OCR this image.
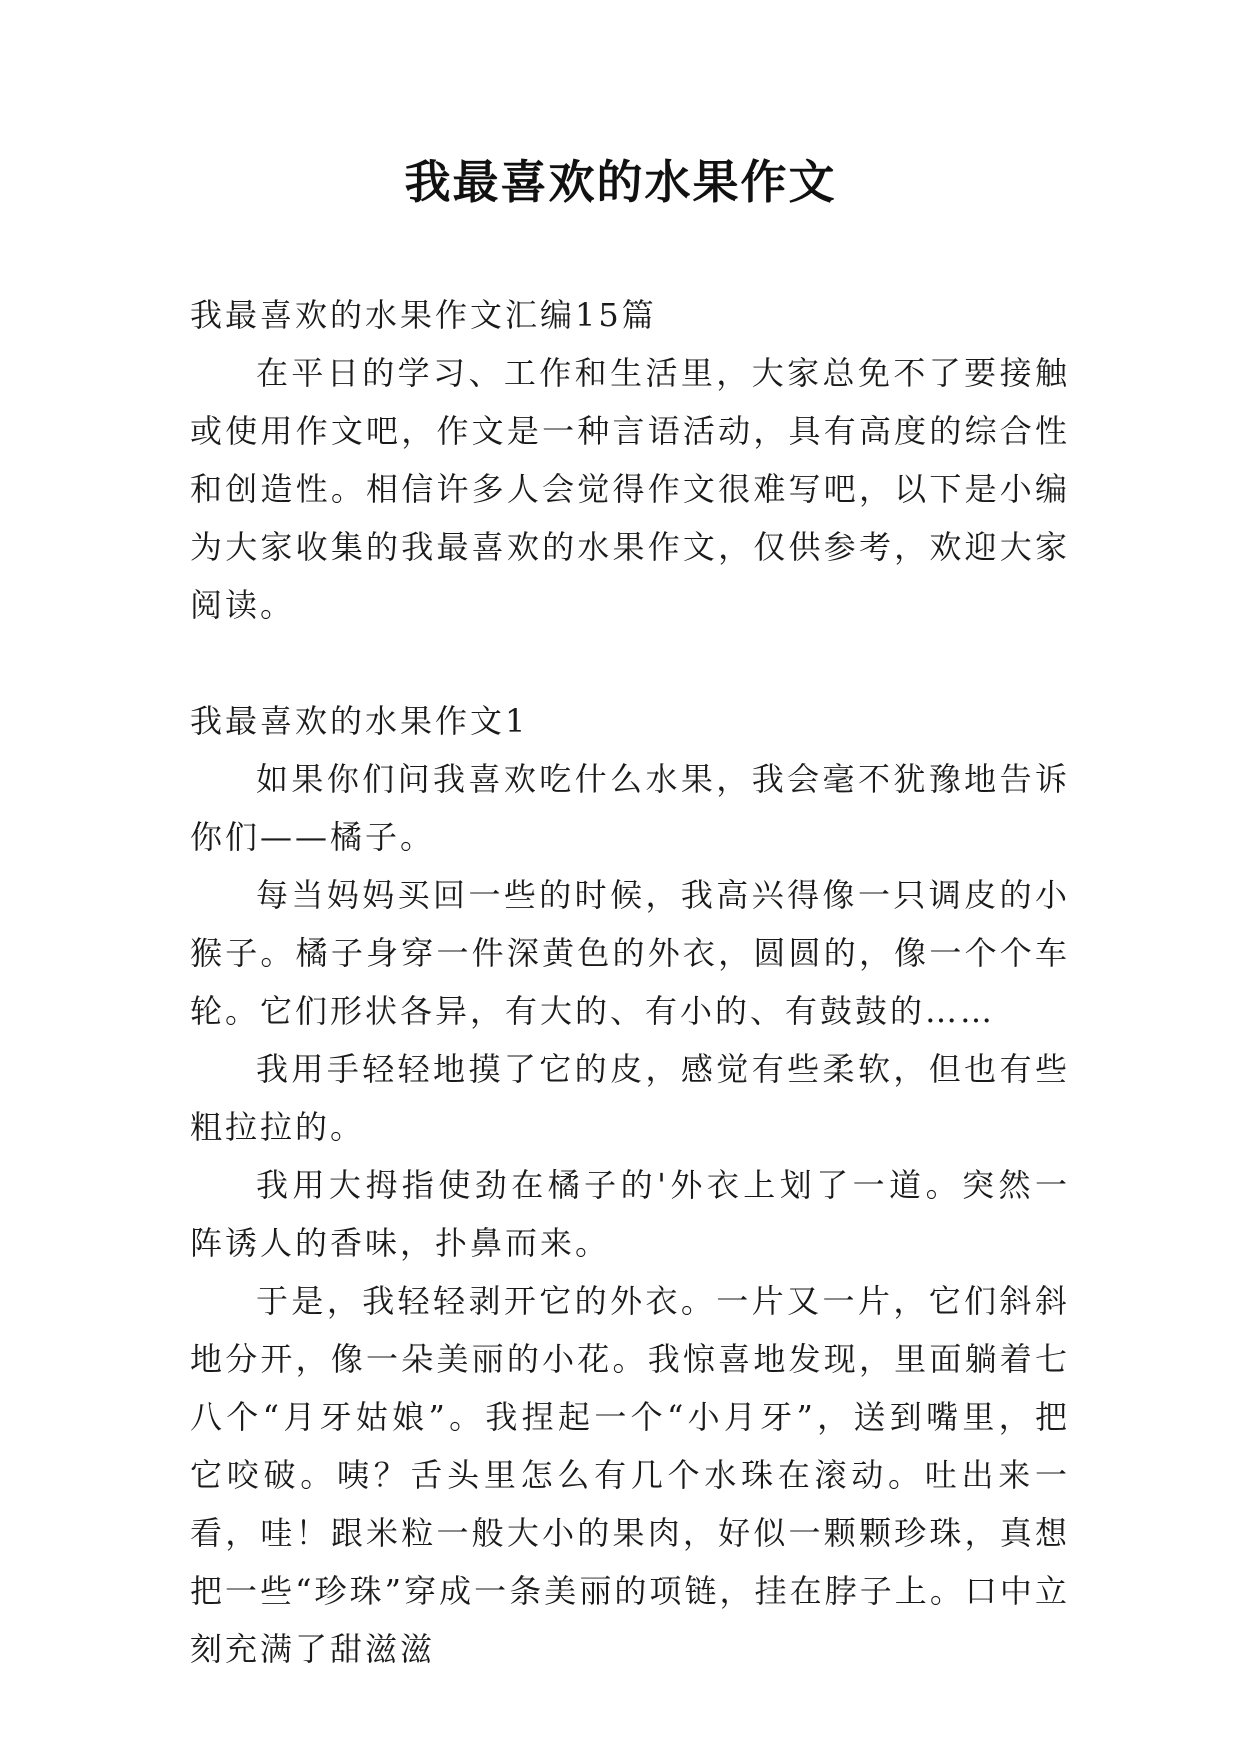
我最喜欢的水果作文

我最喜欢的水果作文汇编15篇

在平日的学习、工作和生活里，大家总免不了要接触或使用作文吧，作文是一种言语活动，具有高度的综合性和创造性。相信许多人会觉得作文很难写吧，以下是小编为大家收集的我最喜欢的水果作文，仅供参考，欢迎大家阅读。

我最喜欢的水果作文1

如果你们问我喜欢吃什么水果，我会毫不犹豫地告诉你们——橘子。

每当妈妈买回一些的时候，我高兴得像一只调皮的小猴子。橘子身穿一件深黄色的外衣，圆圆的，像一个个车轮。它们形状各异，有大的、有小的、有鼓鼓的……

我用手轻轻地摸了它的皮，感觉有些柔软，但也有些粗拉拉的。

我用大拇指使劲在橘子的'外衣上划了一道。突然一阵诱人的香味，扑鼻而来。

于是，我轻轻剥开它的外衣。一片又一片，它们斜斜地分开，像一朵美丽的小花。我惊喜地发现，里面躺着七八个“月牙姑娘”。我捏起一个“小月牙”，送到嘴里，把它咬破。咦？舌头里怎么有几个水珠在滚动。吐出来一看，哇！跟米粒一般大小的果肉，好似一颗颗珍珠，真想把一些“珍珠”穿成一条美丽的项链，挂在脖子上。口中立刻充满了甜滋滋
